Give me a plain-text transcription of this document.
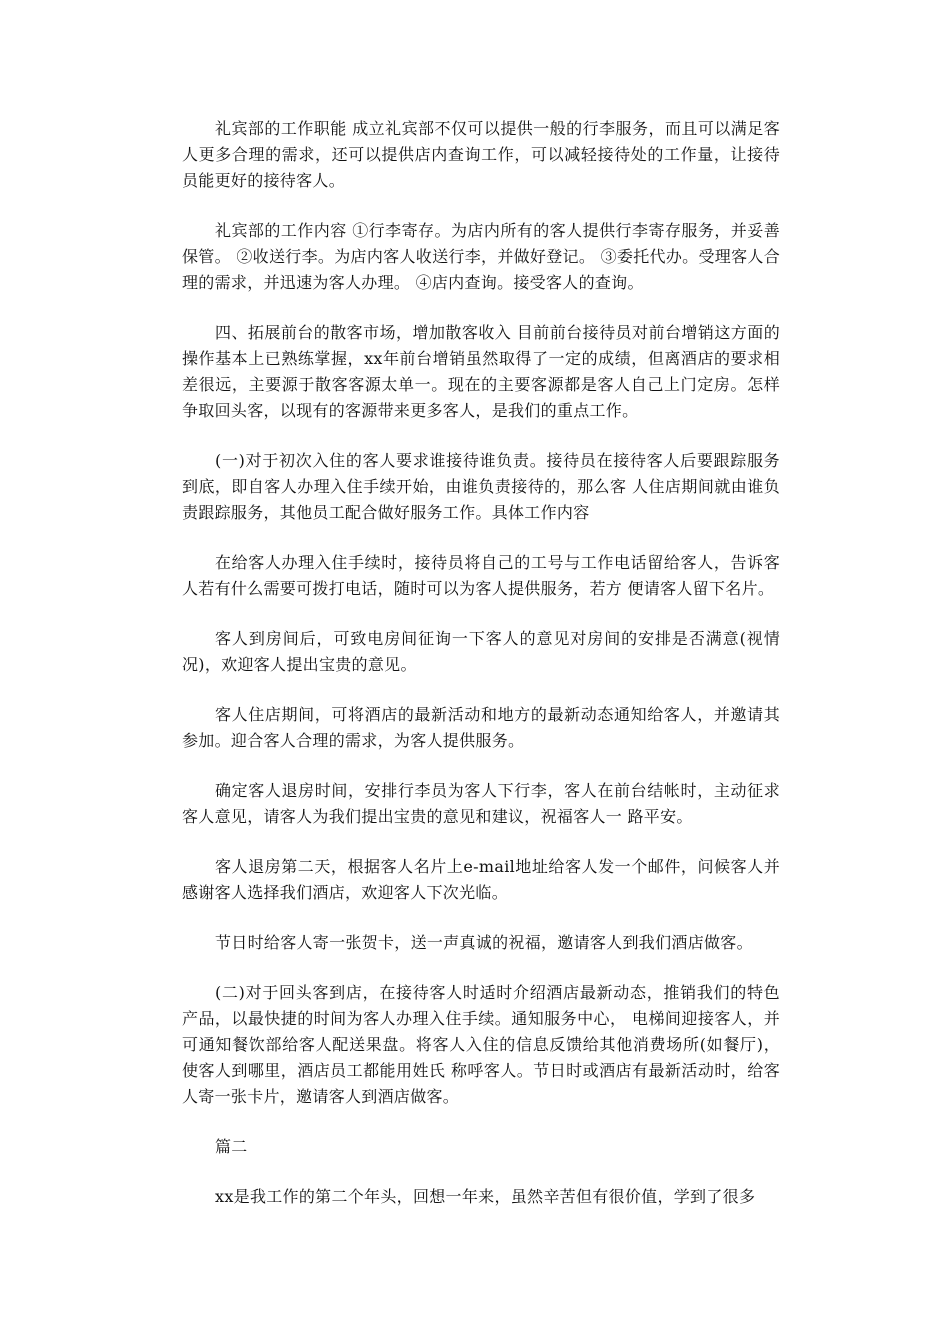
礼宾部的工作职能 成立礼宾部不仅可以提供一般的行李服务，而且可以满足客人更多合理的需求，还可以提供店内查询工作，可以减轻接待处的工作量，让接待 员能更好的接待客人。

礼宾部的工作内容 ①行李寄存。为店内所有的客人提供行李寄存服务，并妥善保管。 ②收送行李。为店内客人收送行李，并做好登记。 ③委托代办。受理客人合理的需求，并迅速为客人办理。 ④店内查询。接受客人的查询。

四、拓展前台的散客市场，增加散客收入 目前前台接待员对前台增销这方面的操作基本上已熟练掌握，xx年前台增销虽然取得了一定的成绩，但离酒店的要求相差很远，主要源于散客客源太单一。现在的主要客源都是客人自己上门定房。怎样争取回头客，以现有的客源带来更多客人，是我们的重点工作。

(一)对于初次入住的客人要求谁接待谁负责。接待员在接待客人后要跟踪服务到底，即自客人办理入住手续开始，由谁负责接待的，那么客 人住店期间就由谁负责跟踪服务，其他员工配合做好服务工作。具体工作内容

在给客人办理入住手续时，接待员将自己的工号与工作电话留给客人，告诉客人若有什么需要可拨打电话，随时可以为客人提供服务，若方 便请客人留下名片。

客人到房间后，可致电房间征询一下客人的意见对房间的安排是否满意(视情况)，欢迎客人提出宝贵的意见。

客人住店期间，可将酒店的最新活动和地方的最新动态通知给客人，并邀请其参加。迎合客人合理的需求，为客人提供服务。

确定客人退房时间，安排行李员为客人下行李，客人在前台结帐时，主动征求客人意见，请客人为我们提出宝贵的意见和建议，祝福客人一 路平安。

客人退房第二天，根据客人名片上e-mail地址给客人发一个邮件，问候客人并感谢客人选择我们酒店，欢迎客人下次光临。

节日时给客人寄一张贺卡，送一声真诚的祝福，邀请客人到我们酒店做客。

(二)对于回头客到店，在接待客人时适时介绍酒店最新动态，推销我们的特色产品，以最快捷的时间为客人办理入住手续。通知服务中心， 电梯间迎接客人，并可通知餐饮部给客人配送果盘。将客人入住的信息反馈给其他消费场所(如餐厅)，使客人到哪里，酒店员工都能用姓氏 称呼客人。节日时或酒店有最新活动时，给客人寄一张卡片，邀请客人到酒店做客。

篇二

xx是我工作的第二个年头，回想一年来，虽然辛苦但有很价值，学到了很多
